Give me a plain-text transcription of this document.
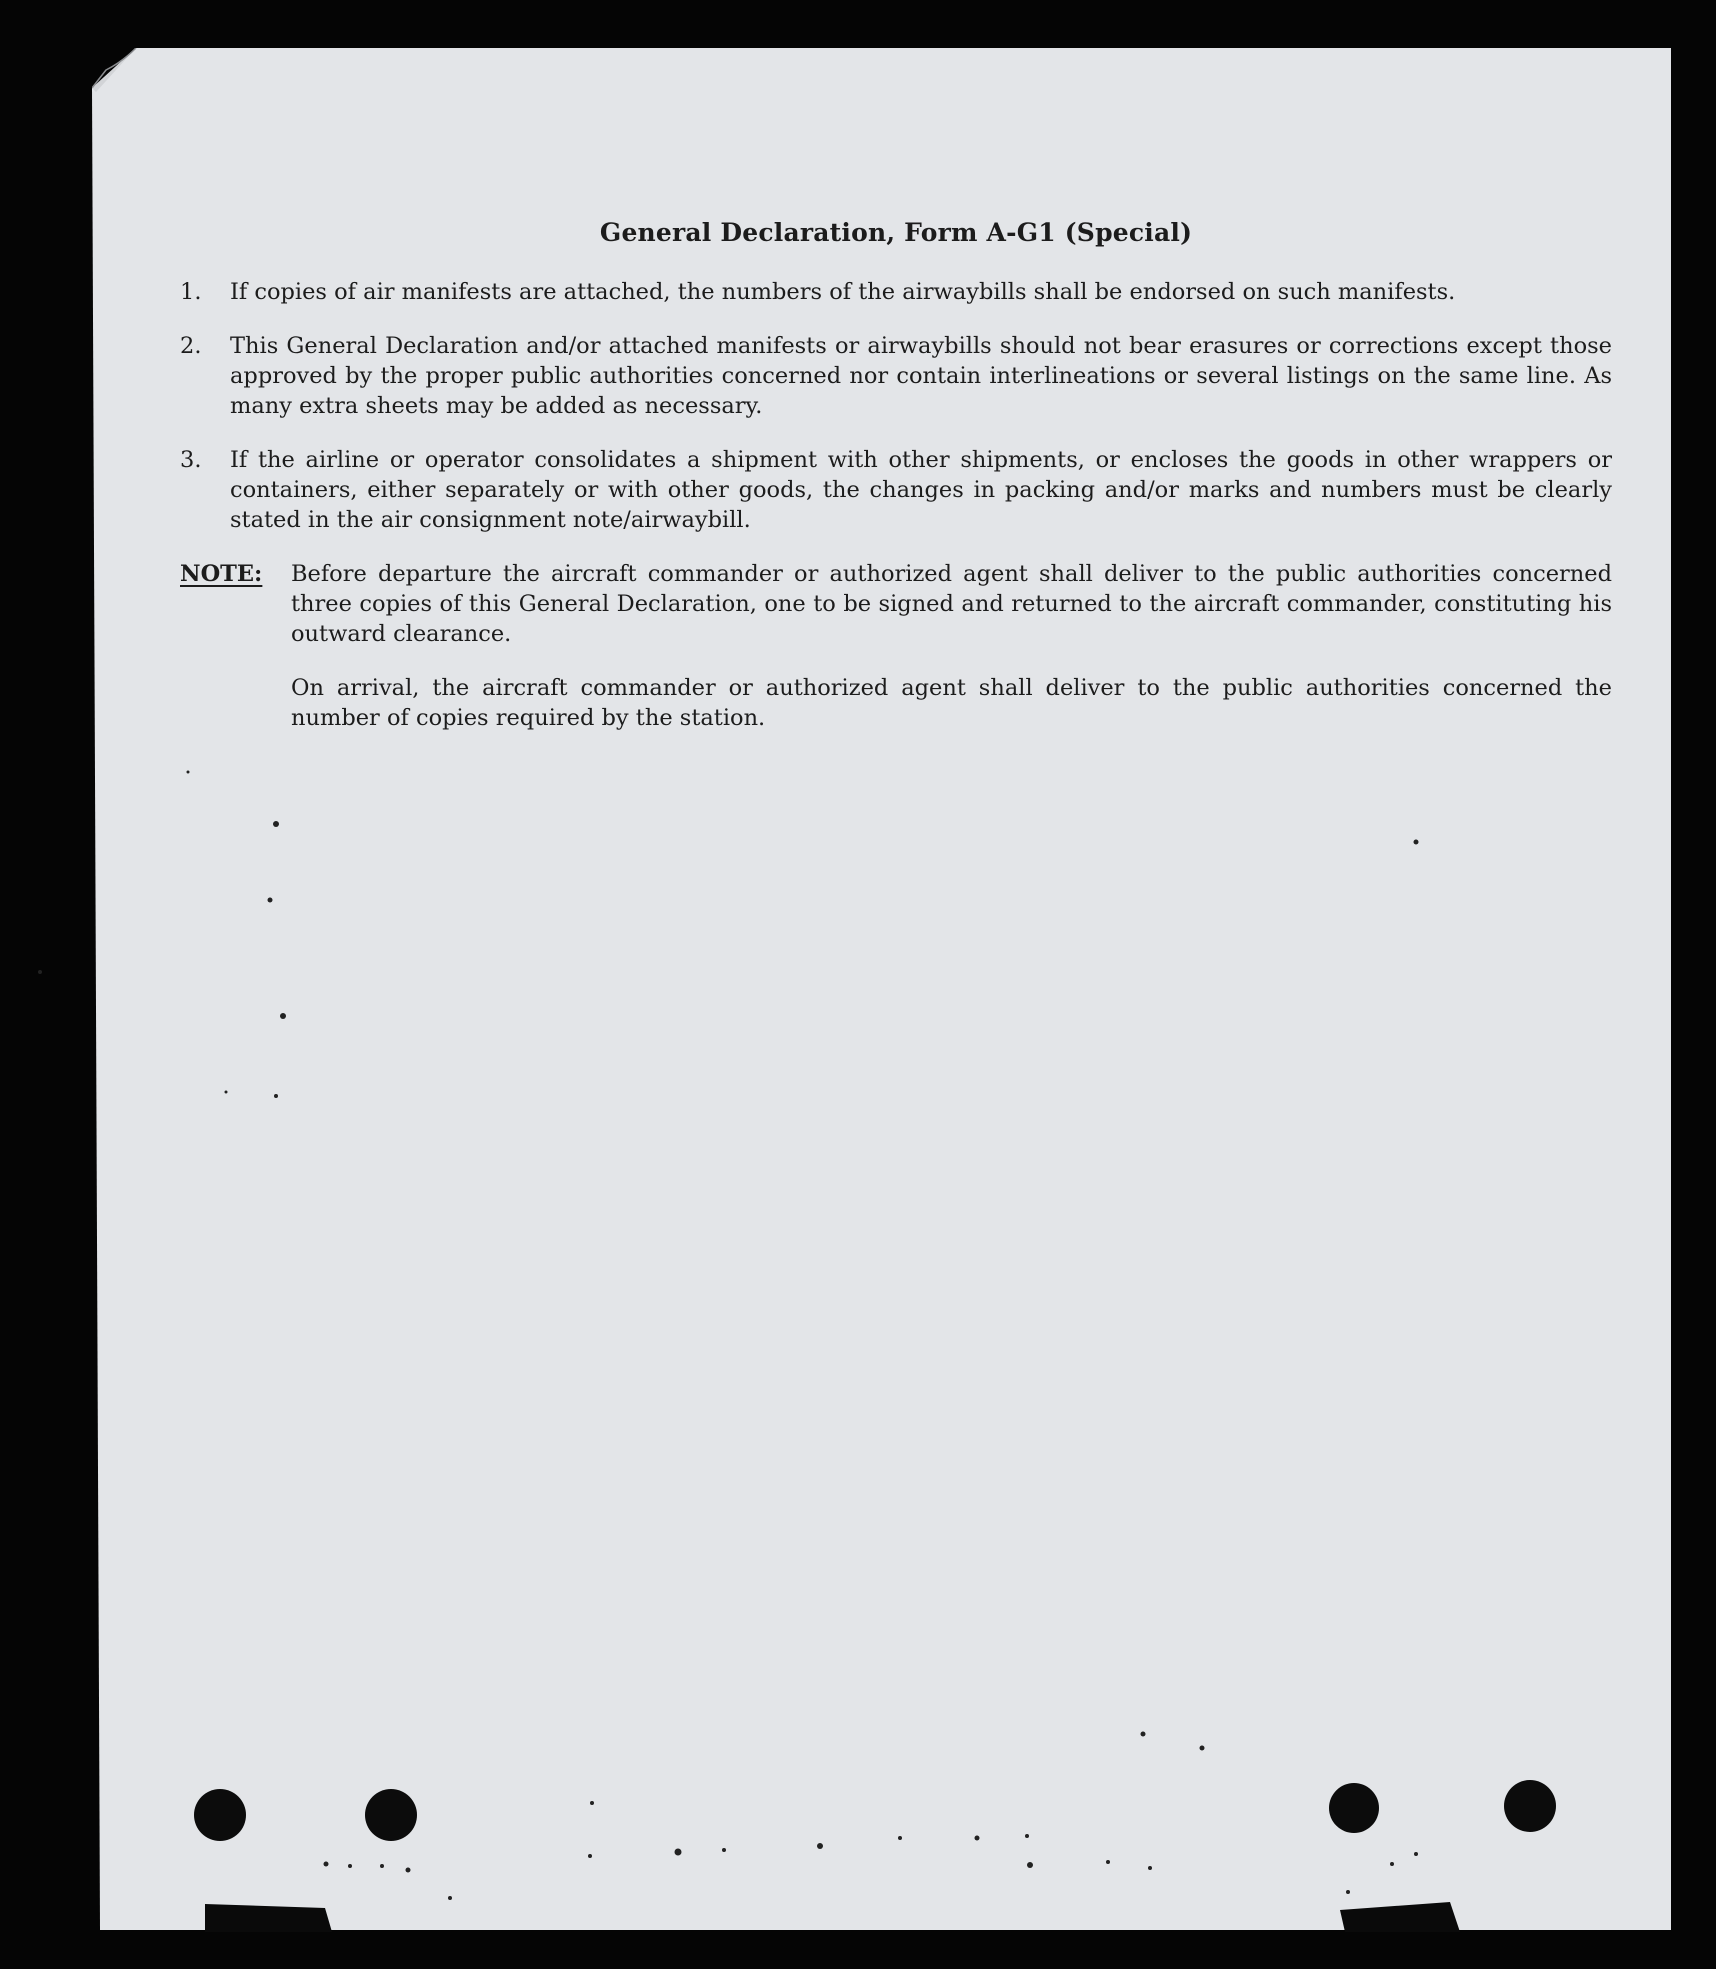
General Declaration, Form A-G1 (Special)
1. If copies of air manifests are attached, the numbers of the airwaybills shall be endorsed on such manifests.
2. This General Declaration and/or attached manifests or airwaybills should not bear erasures or corrections except those approved by the proper public authorities concerned nor contain interlineations or several listings on the same line. As many extra sheets may be added as necessary.
3. If the airline or operator consolidates a shipment with other shipments, or encloses the goods in other wrappers or containers, either separately or with other goods, the changes in packing and/or marks and numbers must be clearly stated in the air consignment note/airwaybill.
NOTE: Before departure the aircraft commander or authorized agent shall deliver to the public authorities concerned three copies of this General Declaration, one to be signed and returned to the aircraft commander, constituting his outward clearance.

On arrival, the aircraft commander or authorized agent shall deliver to the public authorities concerned the number of copies required by the station.
